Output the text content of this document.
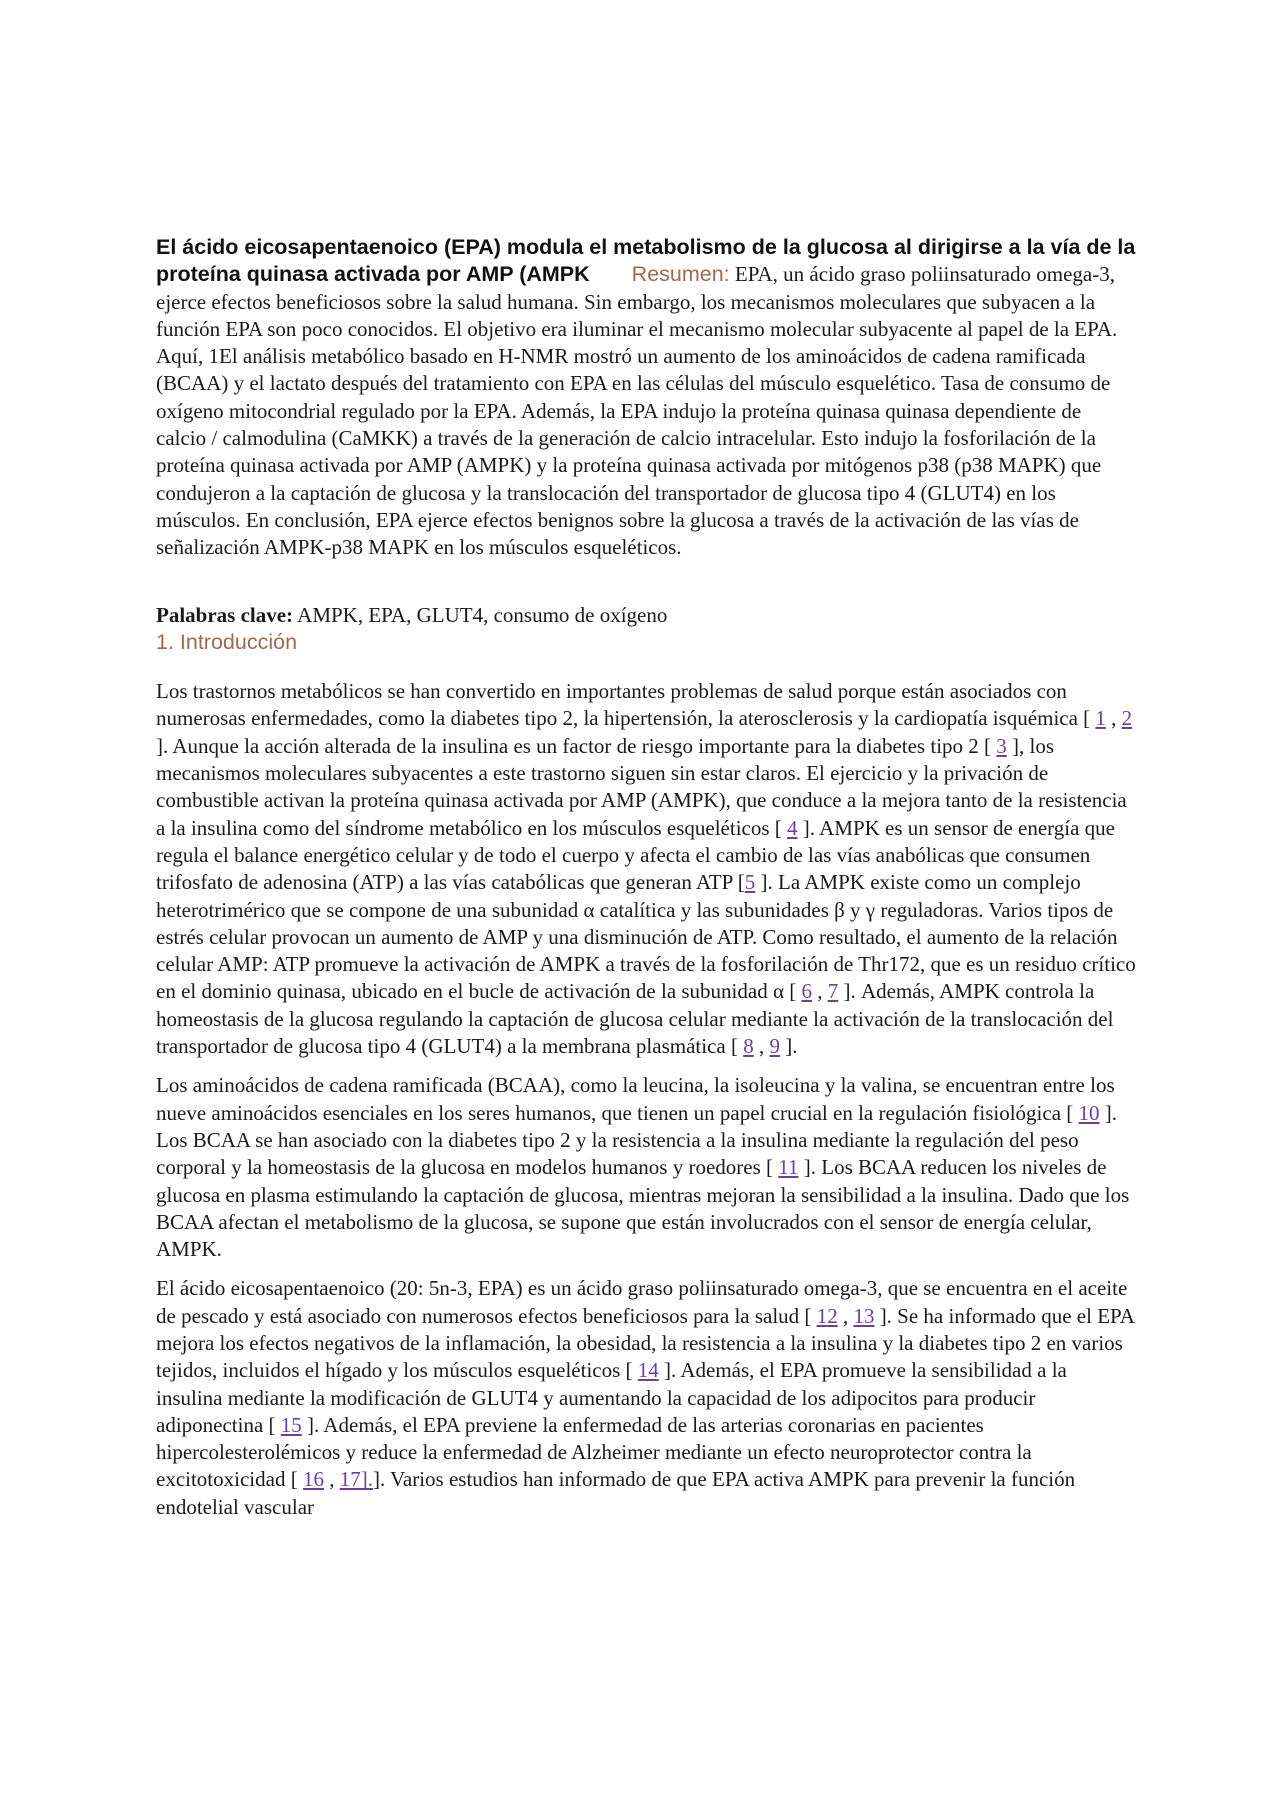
El ácido eicosapentaenoico (EPA) modula el metabolismo de la glucosa al dirigirse a la vía de la proteína quinasa activada por AMP (AMPK Resumen: EPA, un ácido graso poliinsaturado omega-3, ejerce efectos beneficiosos sobre la salud humana. Sin embargo, los mecanismos moleculares que subyacen a la función EPA son poco conocidos. El objetivo era iluminar el mecanismo molecular subyacente al papel de la EPA. Aquí, 1El análisis metabólico basado en H-NMR mostró un aumento de los aminoácidos de cadena ramificada (BCAA) y el lactato después del tratamiento con EPA en las células del músculo esquelético. Tasa de consumo de oxígeno mitocondrial regulado por la EPA. Además, la EPA indujo la proteína quinasa quinasa dependiente de calcio / calmodulina (CaMKK) a través de la generación de calcio intracelular. Esto indujo la fosforilación de la proteína quinasa activada por AMP (AMPK) y la proteína quinasa activada por mitógenos p38 (p38 MAPK) que condujeron a la captación de glucosa y la translocación del transportador de glucosa tipo 4 (GLUT4) en los músculos. En conclusión, EPA ejerce efectos benignos sobre la glucosa a través de la activación de las vías de señalización AMPK-p38 MAPK en los músculos esqueléticos.

Palabras clave: AMPK, EPA, GLUT4, consumo de oxígeno

1. Introducción

Los trastornos metabólicos se han convertido en importantes problemas de salud porque están asociados con numerosas enfermedades, como la diabetes tipo 2, la hipertensión, la aterosclerosis y la cardiopatía isquémica [ 1 , 2 ]. Aunque la acción alterada de la insulina es un factor de riesgo importante para la diabetes tipo 2 [ 3 ], los mecanismos moleculares subyacentes a este trastorno siguen sin estar claros. El ejercicio y la privación de combustible activan la proteína quinasa activada por AMP (AMPK), que conduce a la mejora tanto de la resistencia a la insulina como del síndrome metabólico en los músculos esqueléticos [ 4 ]. AMPK es un sensor de energía que regula el balance energético celular y de todo el cuerpo y afecta el cambio de las vías anabólicas que consumen trifosfato de adenosina (ATP) a las vías catabólicas que generan ATP [5 ]. La AMPK existe como un complejo heterotrimérico que se compone de una subunidad α catalítica y las subunidades β y γ reguladoras. Varios tipos de estrés celular provocan un aumento de AMP y una disminución de ATP. Como resultado, el aumento de la relación celular AMP: ATP promueve la activación de AMPK a través de la fosforilación de Thr172, que es un residuo crítico en el dominio quinasa, ubicado en el bucle de activación de la subunidad α [ 6 , 7 ]. Además, AMPK controla la homeostasis de la glucosa regulando la captación de glucosa celular mediante la activación de la translocación del transportador de glucosa tipo 4 (GLUT4) a la membrana plasmática [ 8 , 9 ].

Los aminoácidos de cadena ramificada (BCAA), como la leucina, la isoleucina y la valina, se encuentran entre los nueve aminoácidos esenciales en los seres humanos, que tienen un papel crucial en la regulación fisiológica [ 10 ]. Los BCAA se han asociado con la diabetes tipo 2 y la resistencia a la insulina mediante la regulación del peso corporal y la homeostasis de la glucosa en modelos humanos y roedores [ 11 ]. Los BCAA reducen los niveles de glucosa en plasma estimulando la captación de glucosa, mientras mejoran la sensibilidad a la insulina. Dado que los BCAA afectan el metabolismo de la glucosa, se supone que están involucrados con el sensor de energía celular, AMPK.

El ácido eicosapentaenoico (20: 5n-3, EPA) es un ácido graso poliinsaturado omega-3, que se encuentra en el aceite de pescado y está asociado con numerosos efectos beneficiosos para la salud [ 12 , 13 ]. Se ha informado que el EPA mejora los efectos negativos de la inflamación, la obesidad, la resistencia a la insulina y la diabetes tipo 2 en varios tejidos, incluidos el hígado y los músculos esqueléticos [ 14 ]. Además, el EPA promueve la sensibilidad a la insulina mediante la modificación de GLUT4 y aumentando la capacidad de los adipocitos para producir adiponectina [ 15 ]. Además, el EPA previene la enfermedad de las arterias coronarias en pacientes hipercolesterolémicos y reduce la enfermedad de Alzheimer mediante un efecto neuroprotector contra la excitotoxicidad [ 16 , 17].]. Varios estudios han informado de que EPA activa AMPK para prevenir la función endotelial vascular
